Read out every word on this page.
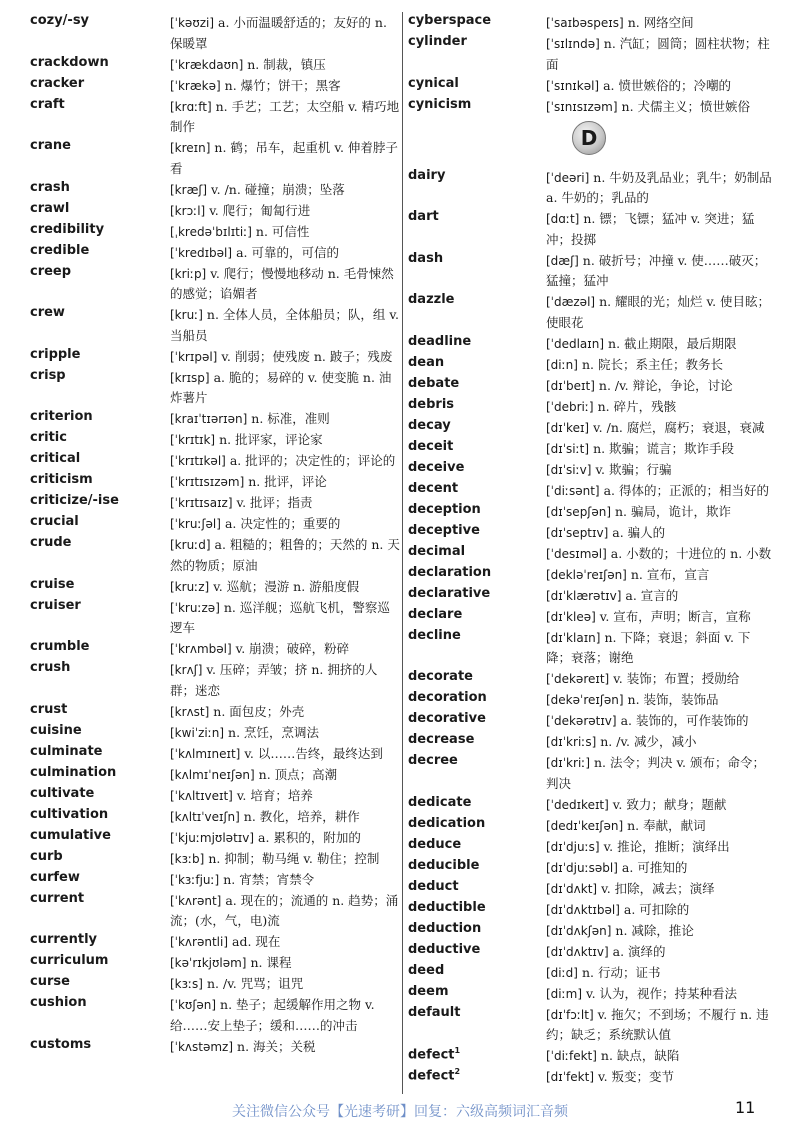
cozy/-sy	[ˈkəʊzi] a. 小而温暖舒适的；友好的 n. 保暖罩
crackdown	[ˈkrækdaʊn] n. 制裁，镇压
cracker	[ˈkrækə] n. 爆竹；饼干；黑客
craft	[krɑːft] n. 手艺；工艺；太空船 v. 精巧地制作
crane	[kreɪn] n. 鹤；吊车，起重机 v. 伸着脖子看
crash	[kræʃ] v. /n. 碰撞；崩溃；坠落
crawl	[krɔːl] v. 爬行；匍匐行进
credibility	[ˌkredəˈbɪlɪtiː] n. 可信性
credible	[ˈkredɪbəl] a. 可靠的，可信的
creep	[kriːp] v. 爬行；慢慢地移动 n. 毛骨悚然的感觉；谄媚者
crew	[kruː] n. 全体人员，全体船员；队，组 v. 当船员
cripple	[ˈkrɪpəl] v. 削弱；使残废 n. 跛子；残废
crisp	[krɪsp] a. 脆的；易碎的 v. 使变脆 n. 油炸薯片
criterion	[kraɪˈtɪərɪən] n. 标准，准则
critic	[ˈkrɪtɪk] n. 批评家，评论家
critical	[ˈkrɪtɪkəl] a. 批评的；决定性的；评论的
criticism	[ˈkrɪtɪsɪzəm] n. 批评，评论
criticize/-ise	[ˈkrɪtɪsaɪz] v. 批评；指责
crucial	[ˈkruːʃəl] a. 决定性的；重要的
crude	[kruːd] a. 粗糙的；粗鲁的；天然的 n. 天然的物质；原油
cruise	[kruːz] v. 巡航；漫游 n. 游船度假
cruiser	[ˈkruːzə] n. 巡洋舰；巡航飞机，警察巡逻车
crumble	[ˈkrʌmbəl] v. 崩溃；破碎，粉碎
crush	[krʌʃ] v. 压碎；弄皱；挤 n. 拥挤的人群；迷恋
crust	[krʌst] n. 面包皮；外壳
cuisine	[kwiˈziːn] n. 烹饪，烹调法
culminate	[ˈkʌlmɪneɪt] v. 以……告终，最终达到
culmination	[kʌlmɪˈneɪʃən] n. 顶点；高潮
cultivate	[ˈkʌltɪveɪt] v. 培育；培养
cultivation	[kʌltɪˈveɪʃn] n. 教化，培养，耕作
cumulative	[ˈkjuːmjʊlətɪv] a. 累积的，附加的
curb	[kɜːb] n. 抑制；勒马绳 v. 勒住；控制
curfew	[ˈkɜːfjuː] n. 宵禁；宵禁令
current	[ˈkʌrənt] a. 现在的；流通的 n. 趋势；涌流；(水，气，电)流
currently	[ˈkʌrəntli] ad. 现在
curriculum	[kəˈrɪkjʊləm] n. 课程
curse	[kɜːs] n. /v. 咒骂；诅咒
cushion	[ˈkʊʃən] n. 垫子；起缓解作用之物 v. 给……安上垫子；缓和……的冲击
customs	[ˈkʌstəmz] n. 海关；关税
cyberspace	[ˈsaɪbəspeɪs] n. 网络空间
cylinder	[ˈsɪlɪndə] n. 汽缸；圆筒；圆柱状物；柱面
cynical	[ˈsɪnɪkəl] a. 愤世嫉俗的；冷嘲的
cynicism	[ˈsɪnɪsɪzəm] n. 犬儒主义；愤世嫉俗
D
dairy	[ˈdeəri] n. 牛奶及乳品业；乳牛；奶制品 a. 牛奶的；乳品的
dart	[dɑːt] n. 镖；飞镖；猛冲 v. 突进；猛冲；投掷
dash	[dæʃ] n. 破折号；冲撞 v. 使……破灭；猛撞；猛冲
dazzle	[ˈdæzəl] n. 耀眼的光；灿烂 v. 使目眩；使眼花
deadline	[ˈdedlaɪn] n. 截止期限，最后期限
dean	[diːn] n. 院长；系主任；教务长
debate	[dɪˈbeɪt] n. /v. 辩论，争论，讨论
debris	[ˈdebriː] n. 碎片，残骸
decay	[dɪˈkeɪ] v. /n. 腐烂，腐朽；衰退，衰减
deceit	[dɪˈsiːt] n. 欺骗；谎言；欺诈手段
deceive	[dɪˈsiːv] v. 欺骗；行骗
decent	[ˈdiːsənt] a. 得体的；正派的；相当好的
deception	[dɪˈsepʃən] n. 骗局，诡计，欺诈
deceptive	[dɪˈseptɪv] a. 骗人的
decimal	[ˈdesɪməl] a. 小数的；十进位的 n. 小数
declaration	[dekləˈreɪʃən] n. 宣布，宣言
declarative	[dɪˈklærətɪv] a. 宣言的
declare	[dɪˈkleə] v. 宣布，声明；断言，宣称
decline	[dɪˈklaɪn] n. 下降；衰退；斜面 v. 下降；衰落；谢绝
decorate	[ˈdekəreɪt] v. 装饰；布置；授勋给
decoration	[dekəˈreɪʃən] n. 装饰，装饰品
decorative	[ˈdekərətɪv] a. 装饰的，可作装饰的
decrease	[dɪˈkriːs] n. /v. 减少，减小
decree	[dɪˈkriː] n. 法令；判决 v. 颁布；命令；判决
dedicate	[ˈdedɪkeɪt] v. 致力；献身；题献
dedication	[dedɪˈkeɪʃən] n. 奉献，献词
deduce	[dɪˈdjuːs] v. 推论，推断；演绎出
deducible	[dɪˈdjuːsəbl] a. 可推知的
deduct	[dɪˈdʌkt] v. 扣除，减去；演绎
deductible	[dɪˈdʌktɪbəl] a. 可扣除的
deduction	[dɪˈdʌkʃən] n. 减除，推论
deductive	[dɪˈdʌktɪv] a. 演绎的
deed	[diːd] n. 行动；证书
deem	[diːm] v. 认为，视作；持某种看法
default	[dɪˈfɔːlt] v. 拖欠；不到场；不履行 n. 违约；缺乏；系统默认值
defect$^1$	[ˈdiːfekt] n. 缺点，缺陷
defect$^2$	[dɪˈfekt] v. 叛变；变节
关注微信公众号【光速考研】回复：六级高频词汇音频	11
